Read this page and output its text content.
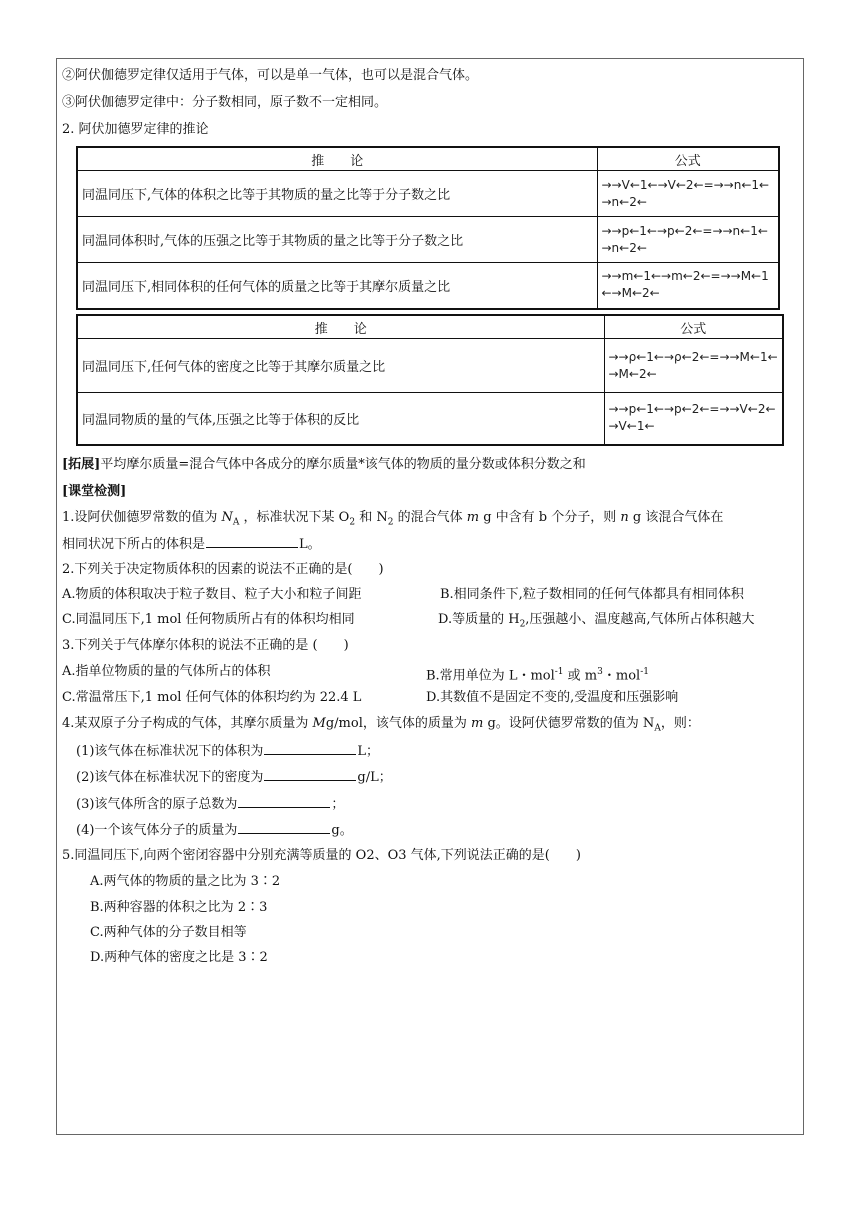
②阿伏伽德罗定律仅适用于气体，可以是单一气体，也可以是混合气体。
③阿伏伽德罗定律中：分子数相同，原子数不一定相同。
2. 阿伏加德罗定律的推论
推　　论	公式
同温同压下,气体的体积之比等于其物质的量之比等于分子数之比	→→V←1←→V←2←=→→n←1←→n←2←
同温同体积时,气体的压强之比等于其物质的量之比等于分子数之比	→→p←1←→p←2←=→→n←1←→n←2←
同温同压下,相同体积的任何气体的质量之比等于其摩尔质量之比	→→m←1←→m←2←=→→M←1←→M←2←
推　　论	公式
同温同压下,任何气体的密度之比等于其摩尔质量之比	→→ρ←1←→ρ←2←=→→M←1←→M←2←
同温同物质的量的气体,压强之比等于体积的反比	→→p←1←→p←2←=→→V←2←→V←1←
[拓展]平均摩尔质量=混合气体中各成分的摩尔质量*该气体的物质的量分数或体积分数之和
[课堂检测]
1.设阿伏伽德罗常数的值为 $N_A$ ，标准状况下某 $O_2$ 和 $N_2$ 的混合气体 m g 中含有 b 个分子，则 n g 该混合气体在
相同状况下所占的体积是	L。
2.下列关于决定物质体积的因素的说法不正确的是(　　)
A.物质的体积取决于粒子数目、粒子大小和粒子间距	B.相同条件下,粒子数相同的任何气体都具有相同体积
C.同温同压下,1 mol 任何物质所占有的体积均相同	D.等质量的 $H_2$,压强越小、温度越高,气体所占体积越大
3.下列关于气体摩尔体积的说法不正确的是 (　　)
A.指单位物质的量的气体所占的体积	B.常用单位为 L・mol$^{-1}$ 或 $m^3$・mol$^{-1}$
C.常温常压下,1 mol 任何气体的体积均约为 22.4 L	D.其数值不是固定不变的,受温度和压强影响
4.某双原子分子构成的气体，其摩尔质量为 Mg/mol，该气体的质量为 m g。设阿伏德罗常数的值为 $N_A$，则：
(1)该气体在标准状况下的体积为	L；
(2)该气体在标准状况下的密度为	g/L；
(3)该气体所含的原子总数为	；
(4)一个该气体分子的质量为	g。
5.同温同压下,向两个密闭容器中分别充满等质量的 O2、O3 气体,下列说法正确的是(　　)
A.两气体的物质的量之比为 3∶2
B.两种容器的体积之比为 2∶3
C.两种气体的分子数目相等
D.两种气体的密度之比是 3∶2
